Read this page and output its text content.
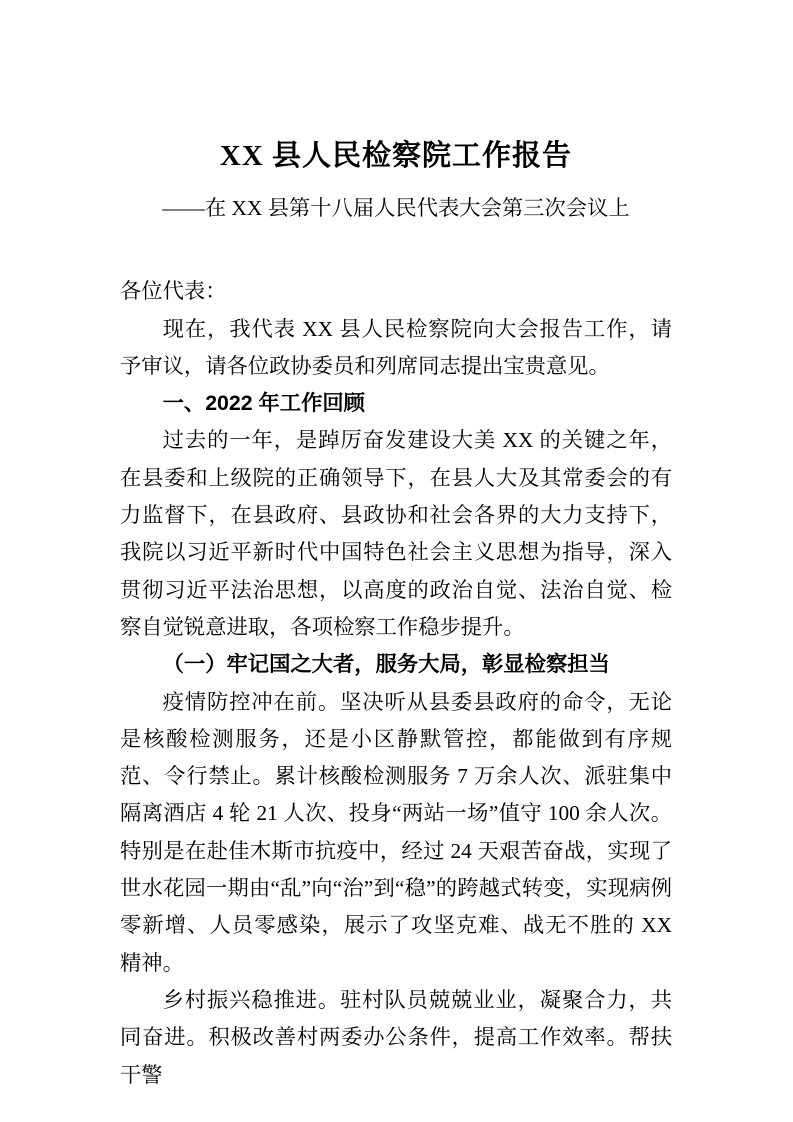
XX 县人民检察院工作报告
——在 XX 县第十八届人民代表大会第三次会议上

各位代表：

现在，我代表 XX 县人民检察院向大会报告工作，请予审议，请各位政协委员和列席同志提出宝贵意见。

一、2022 年工作回顾

过去的一年，是踔厉奋发建设大美 XX 的关键之年，在县委和上级院的正确领导下，在县人大及其常委会的有力监督下，在县政府、县政协和社会各界的大力支持下，我院以习近平新时代中国特色社会主义思想为指导，深入贯彻习近平法治思想，以高度的政治自觉、法治自觉、检察自觉锐意进取，各项检察工作稳步提升。

（一）牢记国之大者，服务大局，彰显检察担当

疫情防控冲在前。坚决听从县委县政府的命令，无论是核酸检测服务，还是小区静默管控，都能做到有序规范、令行禁止。累计核酸检测服务 7 万余人次、派驻集中隔离酒店 4 轮 21 人次、投身“两站一场”值守 100 余人次。特别是在赴佳木斯市抗疫中，经过 24 天艰苦奋战，实现了世水花园一期由“乱”向“治”到“稳”的跨越式转变，实现病例零新增、人员零感染，展示了攻坚克难、战无不胜的 XX 精神。

乡村振兴稳推进。驻村队员兢兢业业，凝聚合力，共同奋进。积极改善村两委办公条件，提高工作效率。帮扶干警
